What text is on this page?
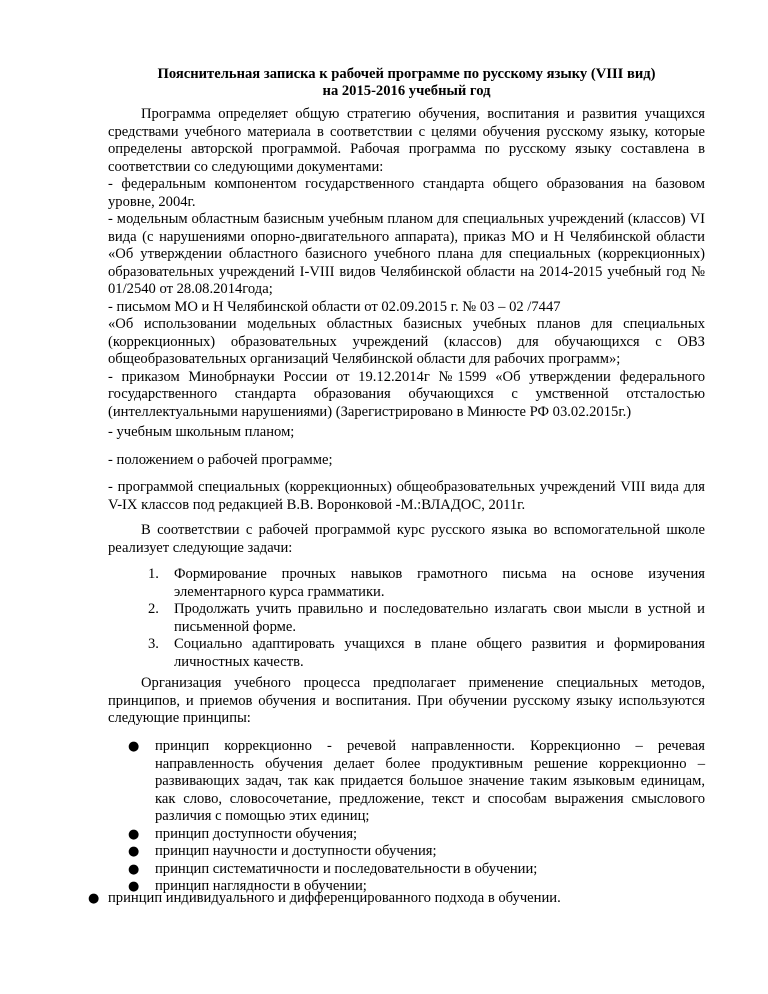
Пояснительная записка к рабочей программе по русскому языку (VIII вид)
на 2015-2016 учебный год

Программа определяет общую стратегию обучения, воспитания и развития учащихся средствами учебного материала в соответствии с целями обучения русскому языку, которые определены авторской программой. Рабочая программа по русскому языку составлена в соответствии со следующими документами:

- федеральным компонентом государственного стандарта общего образования на базовом уровне, 2004г.

- модельным областным базисным учебным планом для специальных учреждений (классов) VI вида (с нарушениями опорно-двигательного аппарата), приказ МО и Н Челябинской области «Об утверждении областного базисного учебного плана для специальных (коррекционных) образовательных учреждений I-VIII видов Челябинской области на 2014-2015 учебный год № 01/2540 от 28.08.2014года;

- письмом МО и Н Челябинской области от 02.09.2015 г. № 03 – 02 /7447

«Об использовании модельных областных базисных учебных планов для специальных (коррекционных) образовательных учреждений (классов) для обучающихся с ОВЗ общеобразовательных организаций Челябинской области для рабочих программ»;

- приказом Минобрнауки России от 19.12.2014г №1599 «Об утверждении федерального государственного стандарта образования обучающихся с умственной отсталостью (интеллектуальными нарушениями) (Зарегистрировано в Минюсте РФ 03.02.2015г.)

- учебным школьным планом;
- положением о рабочей программе;
- программой специальных (коррекционных) общеобразовательных учреждений VIII вида для V-IX классов под редакцией В.В. Воронковой -М.:ВЛАДОС, 2011г.

В соответствии с рабочей программой курс русского языка во вспомогательной школе реализует следующие задачи:

1. Формирование прочных навыков грамотного письма на основе изучения элементарного курса грамматики.
2. Продолжать учить правильно и последовательно излагать свои мысли в устной и письменной форме.
3. Социально адаптировать учащихся в плане общего развития и формирования личностных качеств.

Организация учебного процесса предполагает применение специальных методов, принципов, и приемов обучения и воспитания. При обучении русскому языку используются следующие принципы:

● принцип коррекционно - речевой направленности. Коррекционно – речевая направленность обучения делает более продуктивным решение коррекционно – развивающих задач, так как придается большое значение таким языковым единицам, как слово, словосочетание, предложение, текст и способам выражения смыслового различия с помощью этих единиц;
● принцип доступности обучения;
● принцип научности и доступности обучения;
● принцип систематичности и последовательности в обучении;
● принцип наглядности в обучении;
● принцип индивидуального и дифференцированного подхода в обучении.
